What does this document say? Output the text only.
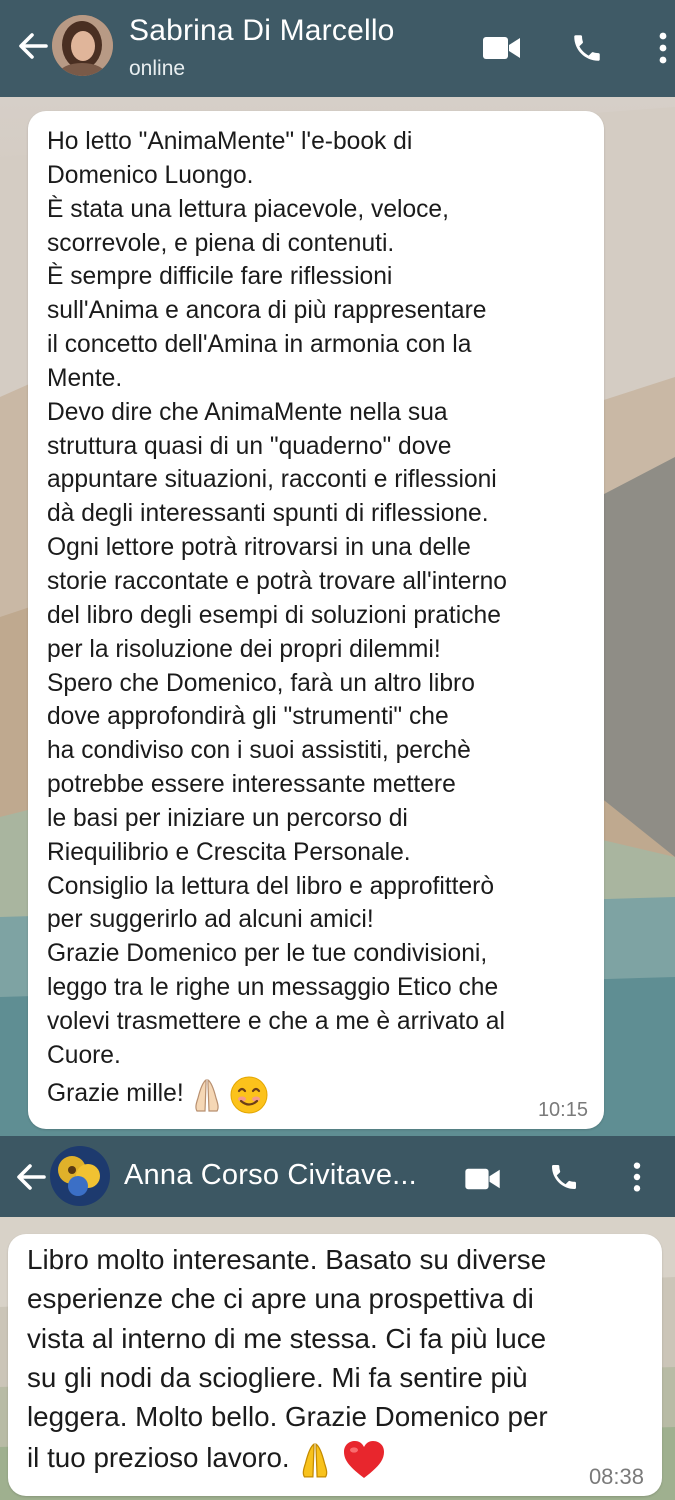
Sabrina Di Marcello
online
Ho letto "AnimaMente" l'e-book di
Domenico Luongo.
È stata una lettura piacevole, veloce,
scorrevole, e piena di contenuti.
È sempre difficile fare riflessioni
sull'Anima e ancora di più rappresentare
il concetto dell'Amina in armonia con la
Mente.
Devo dire che AnimaMente nella sua
struttura quasi di un "quaderno" dove
appuntare situazioni, racconti e riflessioni
dà degli interessanti spunti di riflessione.
Ogni lettore potrà ritrovarsi in una delle
storie raccontate e potrà trovare all'interno
del libro degli esempi di soluzioni pratiche
per la risoluzione dei propri dilemmi!
Spero che Domenico, farà un altro libro
dove approfondirà gli "strumenti" che
ha condiviso con i suoi assistiti, perchè
potrebbe essere interessante mettere
le basi per iniziare un percorso di
Riequilibrio e Crescita Personale.
Consiglio la lettura del libro e approfitterò
per suggerirlo ad alcuni amici!
Grazie Domenico per le tue condivisioni,
leggo tra le righe un messaggio Etico che
volevi trasmettere e che a me è arrivato al
Cuore.
Grazie mille!
10:15
Anna Corso Civitave...
Libro molto interesante. Basato su diverse
esperienze che ci apre una prospettiva di
vista al interno di me stessa. Ci fa più luce
su gli nodi da sciogliere. Mi fa sentire più
leggera. Molto bello. Grazie Domenico per
il tuo prezioso lavoro.
08:38
